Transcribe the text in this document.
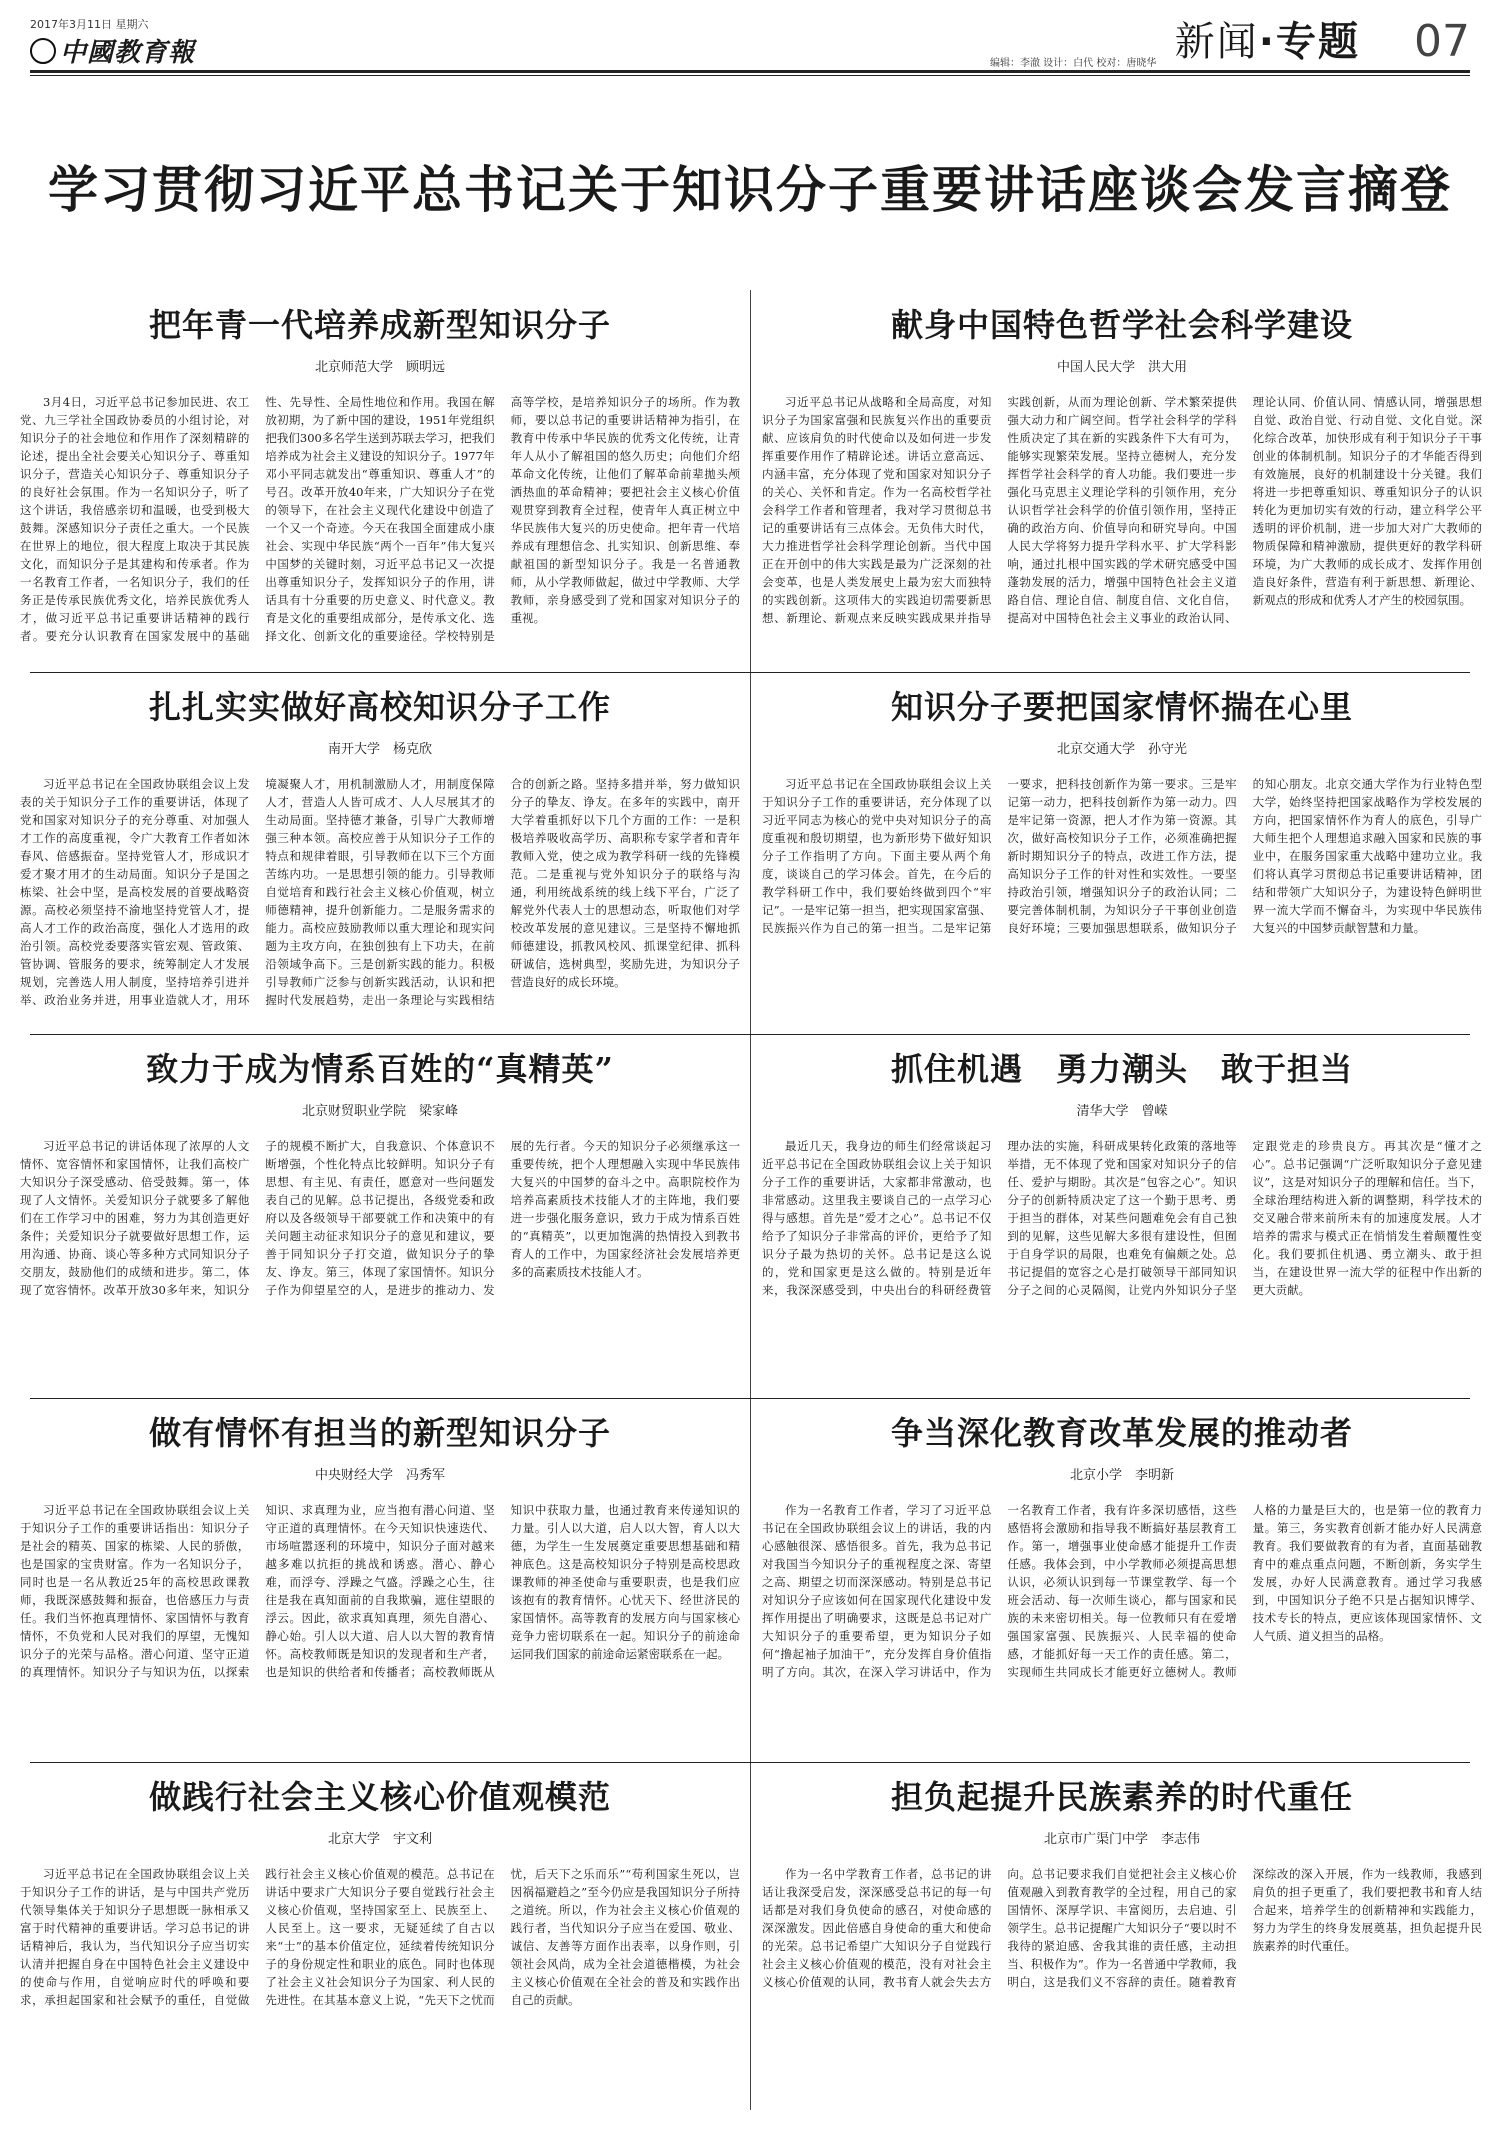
2017年3月11日 星期六
中國教育報	编辑：李澈 设计：白代 校对：唐晓华 新闻·专题 07
学习贯彻习近平总书记关于知识分子重要讲话座谈会发言摘登
把年青一代培养成新型知识分子
北京师范大学　顾明远

3月4日，习近平总书记参加民进、农工党、九三学社全国政协委员的小组讨论，对知识分子的社会地位和作用作了深刻精辟的论述，提出全社会要关心知识分子、尊重知识分子，营造关心知识分子、尊重知识分子的良好社会氛围。作为一名知识分子，听了这个讲话，我倍感亲切和温暖，也受到极大鼓舞。深感知识分子责任之重大。一个民族在世界上的地位，很大程度上取决于其民族文化，而知识分子是其建构和传承者。作为一名教育工作者，一名知识分子，我们的任务正是传承民族优秀文化，培养民族优秀人才，做习近平总书记重要讲话精神的践行者。要充分认识教育在国家发展中的基础性、先导性、全局性地位和作用。我国在解放初期，为了新中国的建设，1951年党组织把我们300多名学生送到苏联去学习，把我们培养成为社会主义建设的知识分子。1977年邓小平同志就发出“尊重知识、尊重人才”的号召。改革开放40年来，广大知识分子在党的领导下，在社会主义现代化建设中创造了一个又一个奇迹。今天在我国全面建成小康社会、实现中华民族“两个一百年”伟大复兴中国梦的关键时刻，习近平总书记又一次提出尊重知识分子，发挥知识分子的作用，讲话具有十分重要的历史意义、时代意义。教育是文化的重要组成部分，是传承文化、选择文化、创新文化的重要途径。学校特别是高等学校，是培养知识分子的场所。作为教师，要以总书记的重要讲话精神为指引，在教育中传承中华民族的优秀文化传统，让青年人从小了解祖国的悠久历史；向他们介绍革命文化传统，让他们了解革命前辈拋头颅洒热血的革命精神；要把社会主义核心价值观贯穿到教育全过程，使青年人真正树立中华民族伟大复兴的历史使命。把年青一代培养成有理想信念、扎实知识、创新思维、奉献祖国的新型知识分子。我是一名普通教师，从小学教师做起，做过中学教师、大学教师，亲身感受到了党和国家对知识分子的重视。

献身中国特色哲学社会科学建设
中国人民大学　洪大用

习近平总书记从战略和全局高度，对知识分子为国家富强和民族复兴作出的重要贡献、应该肩负的时代使命以及如何进一步发挥重要作用作了精辟论述。讲话立意高远、内涵丰富，充分体现了党和国家对知识分子的关心、关怀和肯定。作为一名高校哲学社会科学工作者和管理者，我对学习贯彻总书记的重要讲话有三点体会。无负伟大时代，大力推进哲学社会科学理论创新。当代中国正在开创中的伟大实践是最为广泛深刻的社会变革，也是人类发展史上最为宏大而独特的实践创新。这项伟大的实践迫切需要新思想、新理论、新观点来反映实践成果并指导实践创新，从而为理论创新、学术繁荣提供强大动力和广阔空间。哲学社会科学的学科性质决定了其在新的实践条件下大有可为，能够实现繁荣发展。坚持立德树人，充分发挥哲学社会科学的育人功能。我们要进一步强化马克思主义理论学科的引领作用，充分认识哲学社会科学的价值引领作用，坚持正确的政治方向、价值导向和研究导向。中国人民大学将努力提升学科水平、扩大学科影响，通过扎根中国实践的学术研究感受中国蓬勃发展的活力，增强中国特色社会主义道路自信、理论自信、制度自信、文化自信，提高对中国特色社会主义事业的政治认同、理论认同、价值认同、情感认同，增强思想自觉、政治自觉、行动自觉、文化自觉。深化综合改革，加快形成有利于知识分子干事创业的体制机制。知识分子的才华能否得到有效施展，良好的机制建设十分关键。我们将进一步把尊重知识、尊重知识分子的认识转化为更加切实有效的行动，建立科学公平透明的评价机制，进一步加大对广大教师的物质保障和精神激励，提供更好的教学科研环境，为广大教师的成长成才、发挥作用创造良好条件，营造有利于新思想、新理论、新观点的形成和优秀人才产生的校园氛围。

扎扎实实做好高校知识分子工作
南开大学　杨克欣

习近平总书记在全国政协联组会议上发表的关于知识分子工作的重要讲话，体现了党和国家对知识分子的充分尊重、对加强人才工作的高度重视，令广大教育工作者如沐春风、倍感振奋。坚持党管人才，形成识才爱才聚才用才的生动局面。知识分子是国之栋梁、社会中坚，是高校发展的首要战略资源。高校必须坚持不渝地坚持党管人才，提高人才工作的政治高度，强化人才选用的政治引领。高校党委要落实管宏观、管政策、管协调、管服务的要求，统筹制定人才发展规划，完善选人用人制度，坚持培养引进并举、政治业务并进，用事业造就人才，用环境凝聚人才，用机制激励人才，用制度保障人才，营造人人皆可成才、人人尽展其才的生动局面。坚持德才兼备，引导广大教师增强三种本领。高校应善于从知识分子工作的特点和规律着眼，引导教师在以下三个方面苦练内功。一是思想引领的能力。引导教师自觉培育和践行社会主义核心价值观，树立师德精神，提升创新能力。二是服务需求的能力。高校应鼓励教师以重大理论和现实问题为主攻方向，在独创独有上下功夫，在前沿领域争高下。三是创新实践的能力。积极引导教师广泛参与创新实践活动，认识和把握时代发展趋势，走出一条理论与实践相结合的创新之路。坚持多措并举，努力做知识分子的挚友、诤友。在多年的实践中，南开大学着重抓好以下几个方面的工作：一是积极培养吸收高学历、高职称专家学者和青年教师入党，使之成为教学科研一线的先锋模范。二是重视与党外知识分子的联络与沟通，利用统战系统的线上线下平台，广泛了解党外代表人士的思想动态，听取他们对学校改革发展的意见建议。三是坚持不懈地抓师德建设，抓教风校风、抓课堂纪律、抓科研诚信，选树典型，奖励先进，为知识分子营造良好的成长环境。

知识分子要把国家情怀揣在心里
北京交通大学　孙守光

习近平总书记在全国政协联组会议上关于知识分子工作的重要讲话，充分体现了以习近平同志为核心的党中央对知识分子的高度重视和殷切期望，也为新形势下做好知识分子工作指明了方向。下面主要从两个角度，谈谈自己的学习体会。首先，在今后的教学科研工作中，我们要始终做到四个“牢记”。一是牢记第一担当，把实现国家富强、民族振兴作为自己的第一担当。二是牢记第一要求，把科技创新作为第一要求。三是牢记第一动力，把科技创新作为第一动力。四是牢记第一资源，把人才作为第一资源。其次，做好高校知识分子工作，必须准确把握新时期知识分子的特点，改进工作方法，提高知识分子工作的针对性和实效性。一要坚持政治引领，增强知识分子的政治认同；二要完善体制机制，为知识分子干事创业创造良好环境；三要加强思想联系，做知识分子的知心朋友。北京交通大学作为行业特色型大学，始终坚持把国家战略作为学校发展的方向，把国家情怀作为育人的底色，引导广大师生把个人理想追求融入国家和民族的事业中，在服务国家重大战略中建功立业。我们将认真学习贯彻总书记重要讲话精神，团结和带领广大知识分子，为建设特色鲜明世界一流大学而不懈奋斗，为实现中华民族伟大复兴的中国梦贡献智慧和力量。

致力于成为情系百姓的“真精英”
北京财贸职业学院　梁家峰

习近平总书记的讲话体现了浓厚的人文情怀、宽容情怀和家国情怀，让我们高校广大知识分子深受感动、倍受鼓舞。第一，体现了人文情怀。关爱知识分子就要多了解他们在工作学习中的困难，努力为其创造更好条件；关爱知识分子就要做好思想工作，运用沟通、协商、谈心等多种方式同知识分子交朋友，鼓励他们的成绩和进步。第二，体现了宽容情怀。改革开放30多年来，知识分子的规模不断扩大，自我意识、个体意识不断增强，个性化特点比较鲜明。知识分子有思想、有主见、有责任，愿意对一些问题发表自己的见解。总书记提出，各级党委和政府以及各级领导干部要就工作和决策中的有关问题主动征求知识分子的意见和建议，要善于同知识分子打交道，做知识分子的挚友、诤友。第三，体现了家国情怀。知识分子作为仰望星空的人，是进步的推动力、发展的先行者。今天的知识分子必须继承这一重要传统，把个人理想融入实现中华民族伟大复兴的中国梦的奋斗之中。高职院校作为培养高素质技术技能人才的主阵地，我们要进一步强化服务意识，致力于成为情系百姓的“真精英”，以更加饱满的热情投入到教书育人的工作中，为国家经济社会发展培养更多的高素质技术技能人才。

抓住机遇　勇力潮头　敢于担当
清华大学　曾嵘

最近几天，我身边的师生们经常谈起习近平总书记在全国政协联组会议上关于知识分子工作的重要讲话，大家都非常激动，也非常感动。这里我主要谈自己的一点学习心得与感想。首先是“爱才之心”。总书记不仅给予了知识分子非常高的评价，更给予了知识分子最为热切的关怀。总书记是这么说的，党和国家更是这么做的。特别是近年来，我深深感受到，中央出台的科研经费管理办法的实施，科研成果转化政策的落地等举措，无不体现了党和国家对知识分子的信任、爱护与期盼。其次是“包容之心”。知识分子的创新特质决定了这一个勤于思考、勇于担当的群体，对某些问题难免会有自己独到的见解，这些见解大多很有建设性，但囿于自身学识的局限，也难免有偏颇之处。总书记提倡的宽容之心是打破领导干部同知识分子之间的心灵隔阂，让党内外知识分子坚定跟党走的珍贵良方。再其次是“懂才之心”。总书记强调“广泛听取知识分子意见建议”，这是对知识分子的理解和信任。当下，全球治理结构进入新的调整期，科学技术的交叉融合带来前所未有的加速度发展。人才培养的需求与模式正在悄悄发生着颠覆性变化。我们要抓住机遇、勇立潮头、敢于担当，在建设世界一流大学的征程中作出新的更大贡献。

做有情怀有担当的新型知识分子
中央财经大学　冯秀军

习近平总书记在全国政协联组会议上关于知识分子工作的重要讲话指出：知识分子是社会的精英、国家的栋梁、人民的骄傲，也是国家的宝贵财富。作为一名知识分子，同时也是一名从教近25年的高校思政课教师，我既深感鼓舞和振奋，也倍感压力与责任。我们当怀抱真理情怀、家国情怀与教育情怀，不负党和人民对我们的厚望，无愧知识分子的光荣与品格。潜心问道、坚守正道的真理情怀。知识分子与知识为伍，以探索知识、求真理为业，应当抱有潜心问道、坚守正道的真理情怀。在今天知识快速迭代、市场喧嚣逐利的环境中，知识分子面对越来越多难以抗拒的挑战和诱惑。潜心、静心难，而浮夸、浮躁之气盛。浮躁之心生，往往是我在真知面前的自我欺骗，遮住望眼的浮云。因此，欲求真知真理，须先自潜心、静心始。引人以大道、启人以大智的教育情怀。高校教师既是知识的发现者和生产者，也是知识的供给者和传播者；高校教师既从知识中获取力量，也通过教育来传递知识的力量。引人以大道，启人以大智，育人以大德，为学生一生发展奠定重要思想基础和精神底色。这是高校知识分子特别是高校思政课教师的神圣使命与重要职责，也是我们应该抱有的教育情怀。心忧天下、经世济民的家国情怀。高等教育的发展方向与国家核心竞争力密切联系在一起。知识分子的前途命运同我们国家的前途命运紧密联系在一起。

争当深化教育改革发展的推动者
北京小学　李明新

作为一名教育工作者，学习了习近平总书记在全国政协联组会议上的讲话，我的内心感触很深、感悟很多。首先，我为总书记对我国当今知识分子的重视程度之深、寄望之高、期望之切而深深感动。特别是总书记对知识分子应该如何在国家现代化建设中发挥作用提出了明确要求，这既是总书记对广大知识分子的重要希望，更为知识分子如何“撸起袖子加油干”，充分发挥自身价值指明了方向。其次，在深入学习讲话中，作为一名教育工作者，我有许多深切感悟，这些感悟将会激励和指导我不断搞好基层教育工作。第一，增强事业使命感才能提升工作责任感。我体会到，中小学教师必须提高思想认识，必须认识到每一节课堂教学、每一个班会活动、每一次师生谈心，都与国家和民族的未来密切相关。每一位教师只有在爱增强国家富强、民族振兴、人民幸福的使命感，才能抓好每一天工作的责任感。第二，实现师生共同成长才能更好立德树人。教师人格的力量是巨大的，也是第一位的教育力量。第三，务实教育创新才能办好人民满意教育。我们要做教育的有为者，直面基础教育中的难点重点问题，不断创新，务实学生发展，办好人民满意教育。通过学习我感到，中国知识分子绝不只是占据知识博学、技术专长的特点，更应该体现国家情怀、文人气质、道义担当的品格。

做践行社会主义核心价值观模范
北京大学　宇文利

习近平总书记在全国政协联组会议上关于知识分子工作的讲话，是与中国共产党历代领导集体关于知识分子思想既一脉相承又富于时代精神的重要讲话。学习总书记的讲话精神后，我认为，当代知识分子应当切实认清并把握自身在中国特色社会主义建设中的使命与作用，自觉响应时代的呼唤和要求，承担起国家和社会赋予的重任，自觉做践行社会主义核心价值观的模范。总书记在讲话中要求广大知识分子要自觉践行社会主义核心价值观，坚持国家至上、民族至上、人民至上。这一要求，无疑延续了自古以来“士”的基本价值定位，延续着传统知识分子的身份规定性和职业的底色。同时也体现了社会主义社会知识分子为国家、利人民的先进性。在其基本意义上说，“先天下之忧而忧，后天下之乐而乐”“苟利国家生死以，岂因祸福避趋之”至今仍应是我国知识分子所持之道统。所以，作为社会主义核心价值观的践行者，当代知识分子应当在爱国、敬业、诚信、友善等方面作出表率，以身作则，引领社会风尚，成为全社会道德楷模，为社会主义核心价值观在全社会的普及和实践作出自己的贡献。

担负起提升民族素养的时代重任
北京市广渠门中学　李志伟

作为一名中学教育工作者，总书记的讲话让我深受启发，深深感受总书记的每一句话都是对我们身负使命的感召，对使命感的深深激发。因此倍感自身使命的重大和使命的光荣。总书记希望广大知识分子自觉践行社会主义核心价值观的模范，没有对社会主义核心价值观的认同，教书育人就会失去方向。总书记要求我们自觉把社会主义核心价值观融入到教育教学的全过程，用自己的家国情怀、深厚学识、丰富阅历，去启迪、引领学生。总书记提醒广大知识分子“要以时不我待的紧迫感、舍我其谁的责任感，主动担当、积极作为”。作为一名普通中学教师，我明白，这是我们义不容辞的责任。随着教育深综改的深入开展，作为一线教师，我感到肩负的担子更重了，我们要把教书和育人结合起来，培养学生的创新精神和实践能力，努力为学生的终身发展奠基，担负起提升民族素养的时代重任。
